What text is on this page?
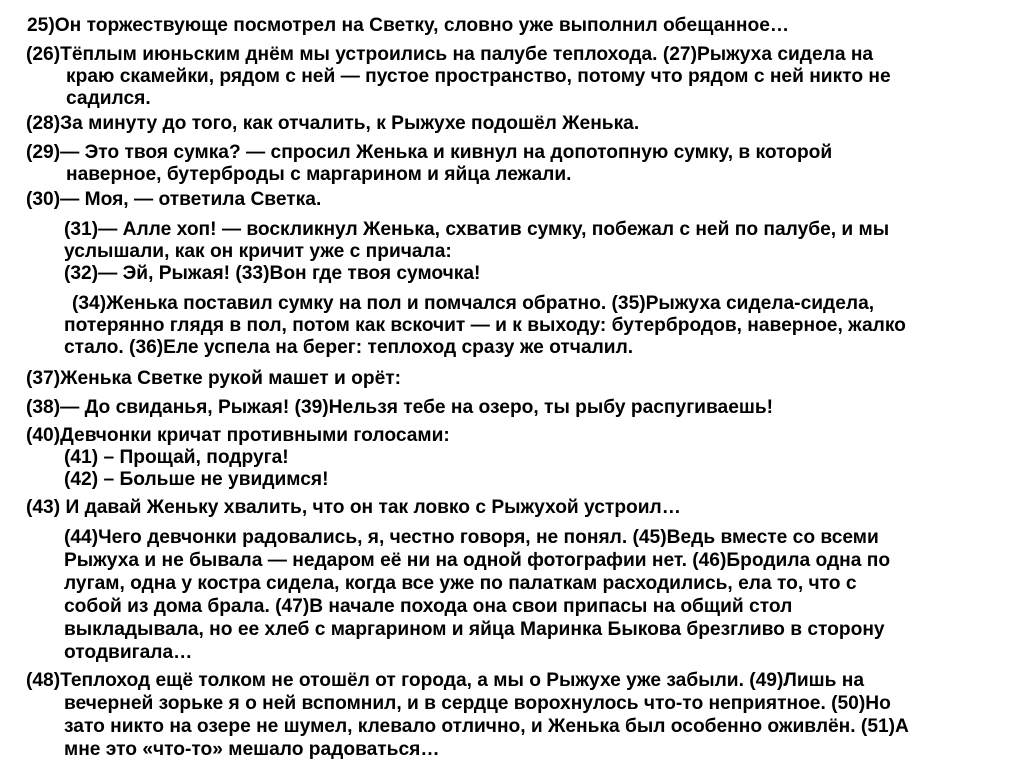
25)Он торжествующе посмотрел на Светку, словно уже выполнил обещанное…
(26)Тёплым июньским днём мы устроились на палубе теплохода. (27)Рыжуха сидела на
краю скамейки, рядом с ней — пустое пространство, потому что рядом с ней никто не
садился.
(28)За минуту до того, как отчалить, к Рыжухе подошёл Женька.
(29)— Это твоя сумка? — спросил Женька и кивнул на допотопную сумку, в которой
наверное, бутерброды с маргарином и яйца лежали.
(30)— Моя, — ответила Светка.
(31)— Алле хоп! — воскликнул Женька, схватив сумку, побежал с ней по палубе, и мы
услышали, как он кричит уже с причала:
(32)— Эй, Рыжая! (33)Вон где твоя сумочка!
(34)Женька поставил сумку на пол и помчался обратно. (35)Рыжуха сидела-сидела,
потерянно глядя в пол, потом как вскочит — и к выходу: бутербродов, наверное, жалко
стало. (36)Еле успела на берег: теплоход сразу же отчалил.
(37)Женька Светке рукой машет и орёт:
(38)— До свиданья, Рыжая! (39)Нельзя тебе на озеро, ты рыбу распугиваешь!
(40)Девчонки кричат противными голосами:
(41) – Прощай, подруга!
(42) – Больше не увидимся!
(43) И давай Женьку хвалить, что он так ловко с Рыжухой устроил…
(44)Чего девчонки радовались, я, честно говоря, не понял. (45)Ведь вместе со всеми
Рыжуха и не бывала — недаром её ни на одной фотографии нет. (46)Бродила одна по
лугам, одна у костра сидела, когда все уже по палаткам расходились, ела то, что с
собой из дома брала. (47)В начале похода она свои припасы на общий стол
выкладывала, но ее хлеб с маргарином и яйца Маринка Быкова брезгливо в сторону
отодвигала…
(48)Теплоход ещё толком не отошёл от города, а мы о Рыжухе уже забыли. (49)Лишь на
вечерней зорьке я о ней вспомнил, и в сердце ворохнулось что-то неприятное. (50)Но
зато никто на озере не шумел, клевало отлично, и Женька был особенно оживлён. (51)А
мне это «что-то» мешало радоваться…
